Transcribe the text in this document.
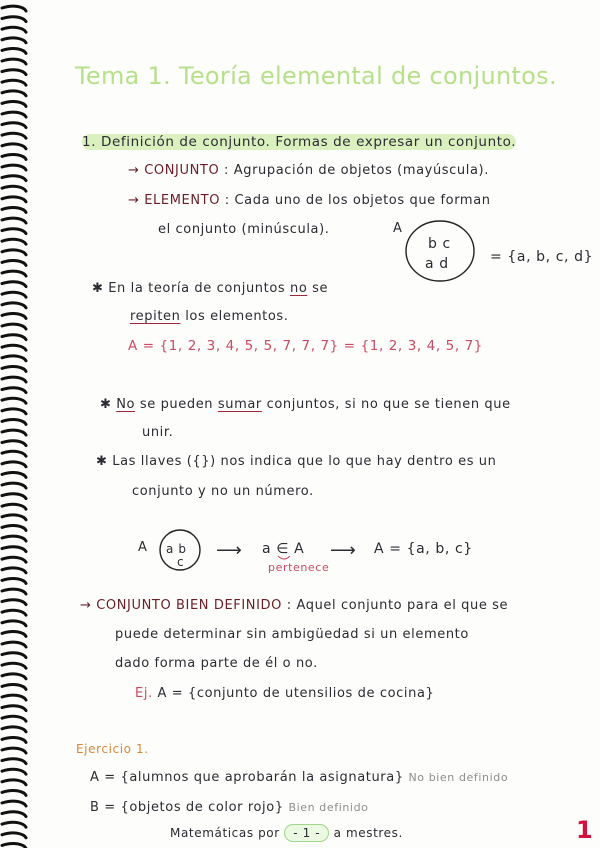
Tema 1. Teoría elemental de conjuntos.
1. Definición de conjunto. Formas de expresar un conjunto.
→ CONJUNTO : Agrupación de objetos (mayúscula).
→ ELEMENTO : Cada uno de los objetos que forman
el conjunto (minúscula).	A
b c
a d	= {a, b, c, d}
✱ En la teoría de conjuntos no se
repiten los elementos.
A = {1, 2, 3, 4, 5, 5, 7, 7, 7} = {1, 2, 3, 4, 5, 7}
✱ No se pueden sumar conjuntos, si no que se tienen que
unir.
✱ Las llaves ({}) nos indica que lo que hay dentro es un
conjunto y no un número.
A a b
c
⟶ a ∈ A
pertenece
⟶ A = {a, b, c}
→ CONJUNTO BIEN DEFINIDO : Aquel conjunto para el que se
puede determinar sin ambigüedad si un elemento
dado forma parte de él o no.
Ej. A = {conjunto de utensilios de cocina}
Ejercicio 1.
A = {alumnos que aprobarán la asignatura} No bien definido
B = {objetos de color rojo} Bien definido
Matemáticas por - 1 - a mestres.	1
